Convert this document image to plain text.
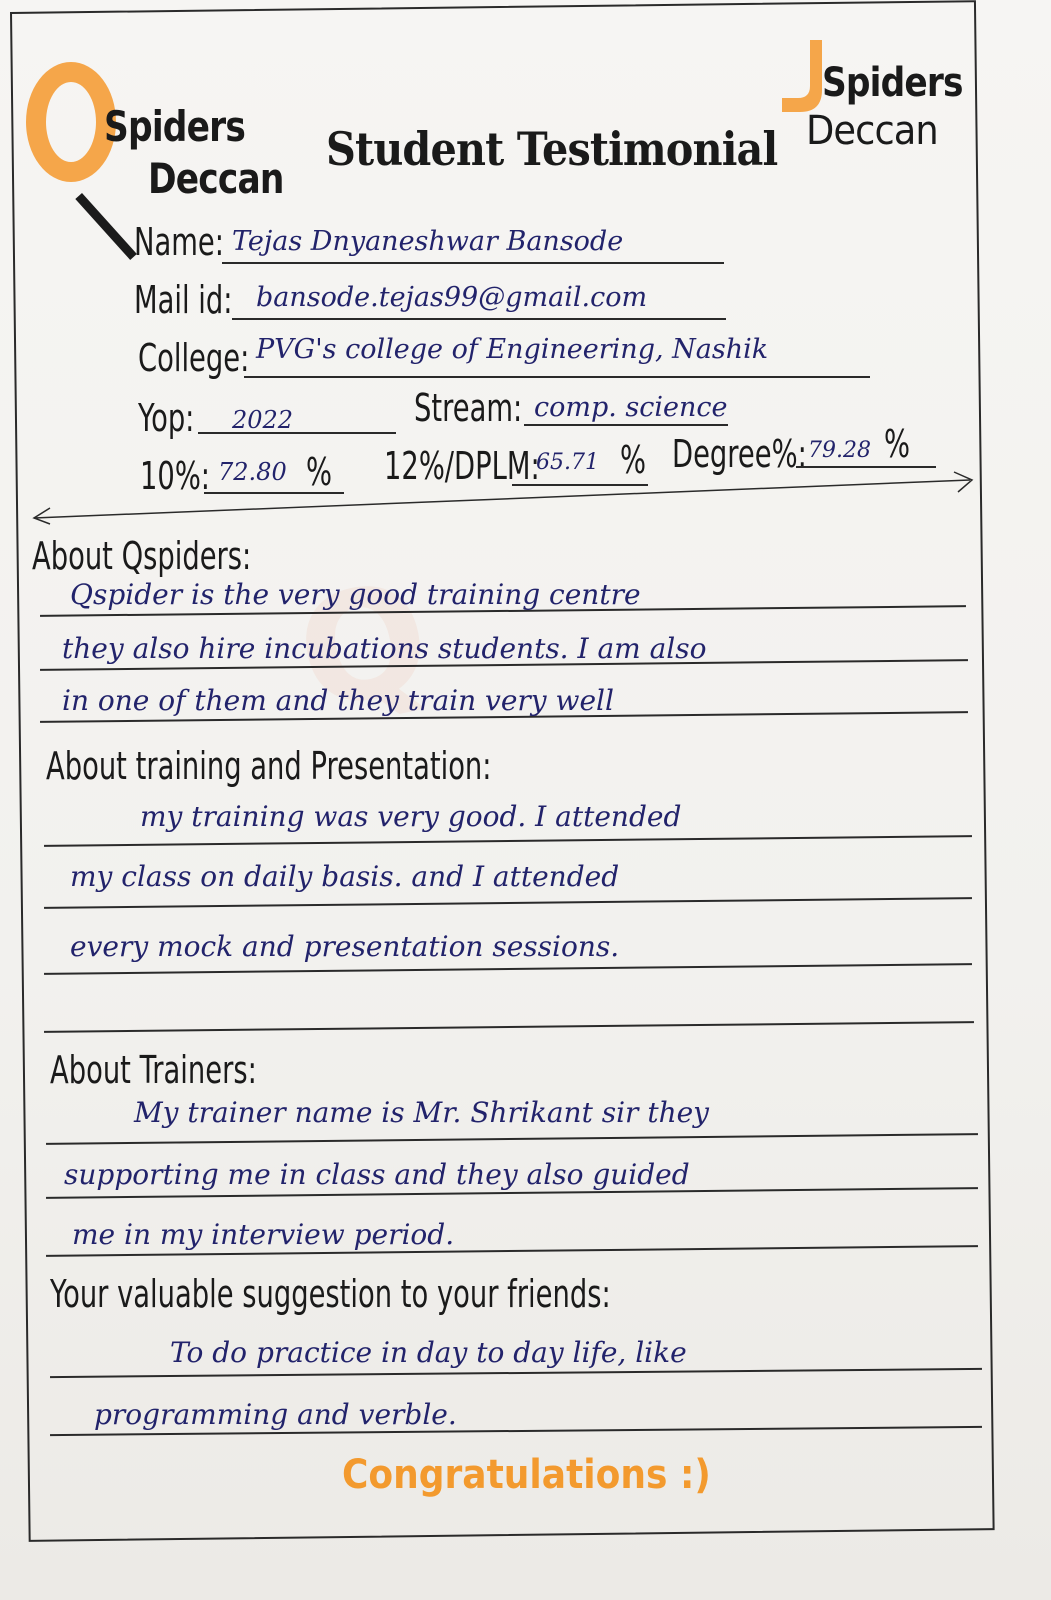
Q
Spiders
Deccan
Spiders
Deccan
Student Testimonial
Name: Tejas Dnyaneshwar Bansode
Mail id: bansode.tejas99@gmail.com
College: PVG's college of Engineering, Nashik
Yop: 2022	Stream: comp. science
10%: 72.80 % 12%/DPLM:
65.71 % Degree%: 79.28 %
About Qspiders:
Qspider is the very good training centre
they also hire incubations students. I am also
in one of them and they train very well
About training and Presentation:
my training was very good. I attended
my class on daily basis. and I attended
every mock and presentation sessions.
About Trainers:
My trainer name is Mr. Shrikant sir they
supporting me in class and they also guided
me in my interview period.
Your valuable suggestion to your friends:
To do practice in day to day life, like
programming and verble.
Congratulations :)
